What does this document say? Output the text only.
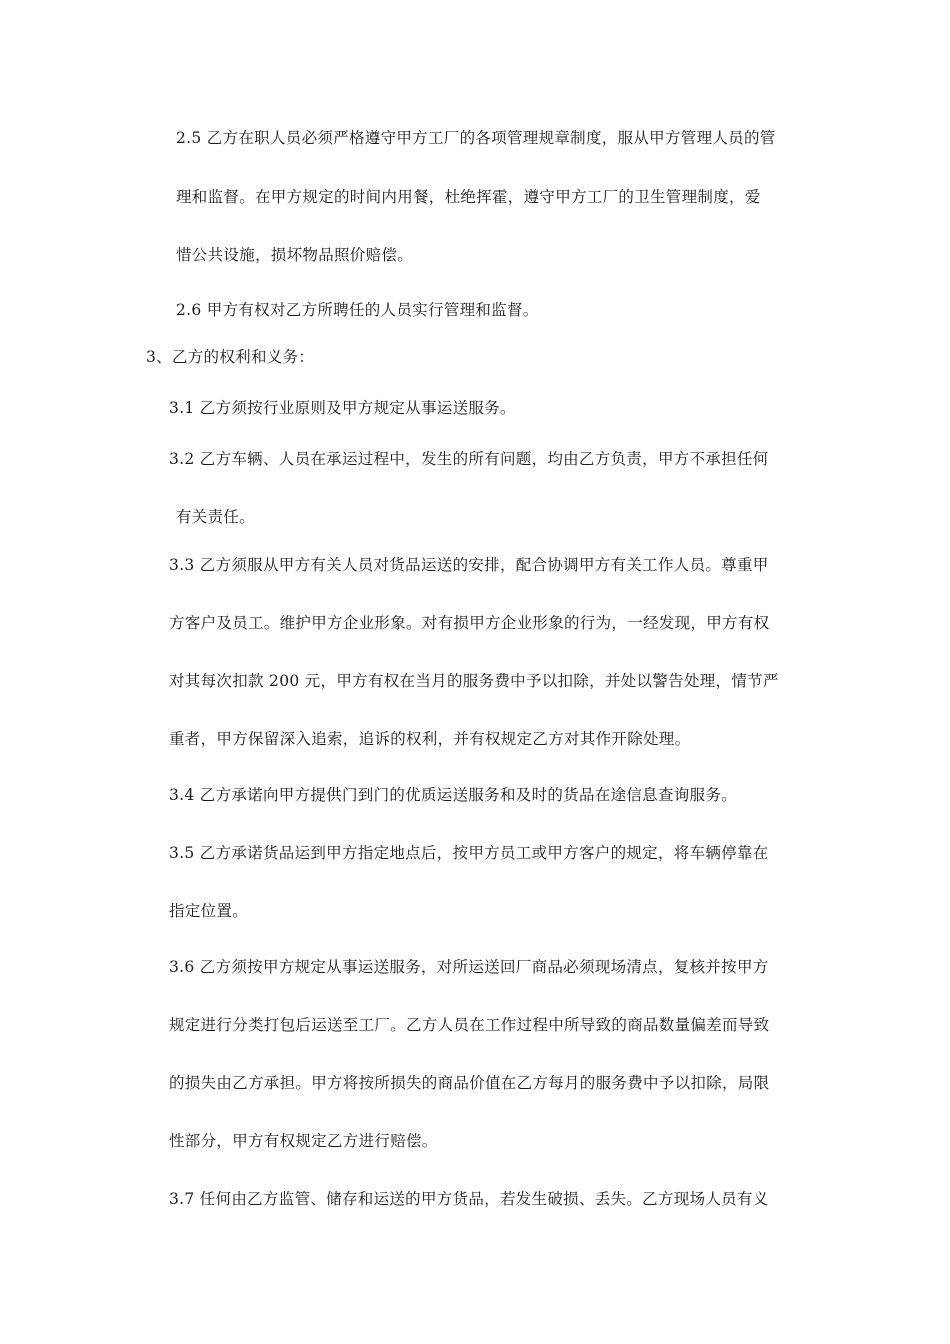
2.5 乙方在职人员必须严格遵守甲方工厂的各项管理规章制度，服从甲方管理人员的管
理和监督。在甲方规定的时间内用餐，杜绝挥霍，遵守甲方工厂的卫生管理制度，爱
惜公共设施，损坏物品照价赔偿。
2.6 甲方有权对乙方所聘任的人员实行管理和监督。
3、乙方的权利和义务：
3.1 乙方须按行业原则及甲方规定从事运送服务。
3.2 乙方车辆、人员在承运过程中，发生的所有问题，均由乙方负责，甲方不承担任何
有关责任。
3.3 乙方须服从甲方有关人员对货品运送的安排，配合协调甲方有关工作人员。尊重甲
方客户及员工。维护甲方企业形象。对有损甲方企业形象的行为，一经发现，甲方有权
对其每次扣款 200 元，甲方有权在当月的服务费中予以扣除，并处以警告处理，情节严
重者，甲方保留深入追索，追诉的权利，并有权规定乙方对其作开除处理。
3.4 乙方承诺向甲方提供门到门的优质运送服务和及时的货品在途信息查询服务。
3.5 乙方承诺货品运到甲方指定地点后，按甲方员工或甲方客户的规定，将车辆停靠在
指定位置。
3.6 乙方须按甲方规定从事运送服务，对所运送回厂商品必须现场清点，复核并按甲方
规定进行分类打包后运送至工厂。乙方人员在工作过程中所导致的商品数量偏差而导致
的损失由乙方承担。甲方将按所损失的商品价值在乙方每月的服务费中予以扣除，局限
性部分，甲方有权规定乙方进行赔偿。
3.7 任何由乙方监管、储存和运送的甲方货品，若发生破损、丢失。乙方现场人员有义
